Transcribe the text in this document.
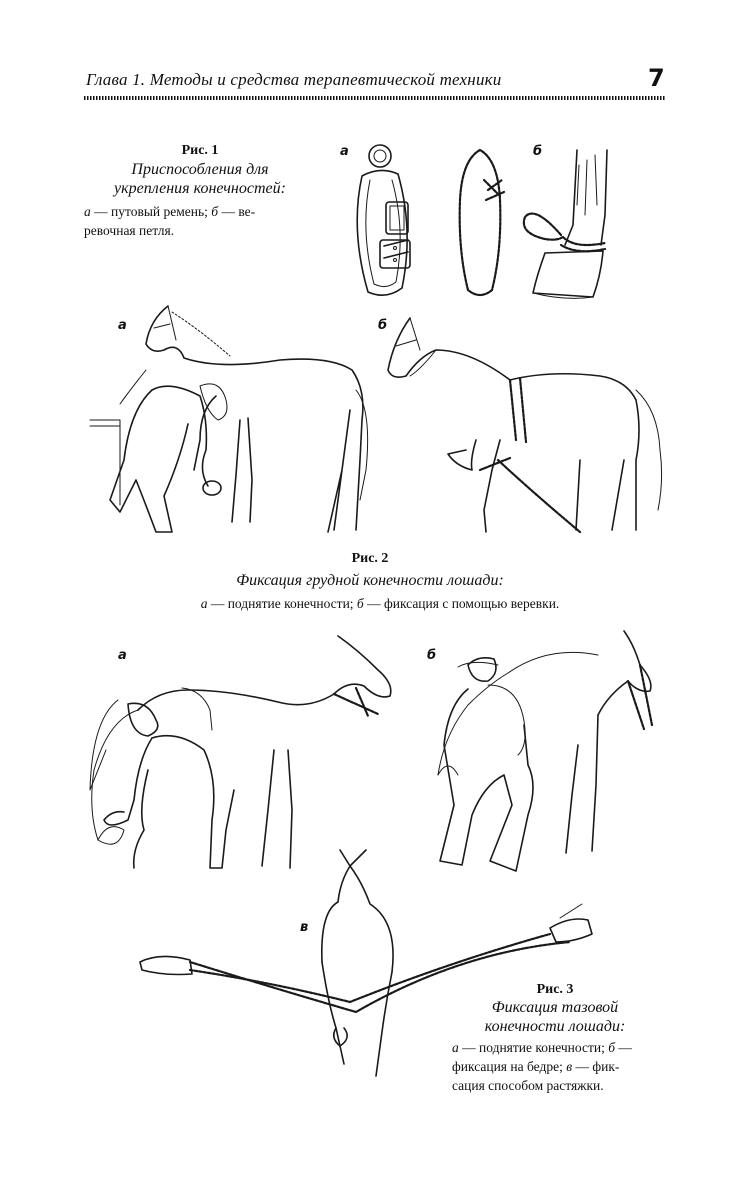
Глава 1. Методы и средства терапевтической техники	7
Рис. 1
Приспособления для
укрепления конечностей:
а — путовый ремень; б — ве-
ревочная петля.
а	б
а	б
Рис. 2
Фиксация грудной конечности лошади:
а — поднятие конечности; б — фиксация с помощью веревки.
а	б
в
Рис. 3
Фиксация тазовой
конечности лошади:
а — поднятие конечности; б —
фиксация на бедре; в — фик-
сация способом растяжки.
